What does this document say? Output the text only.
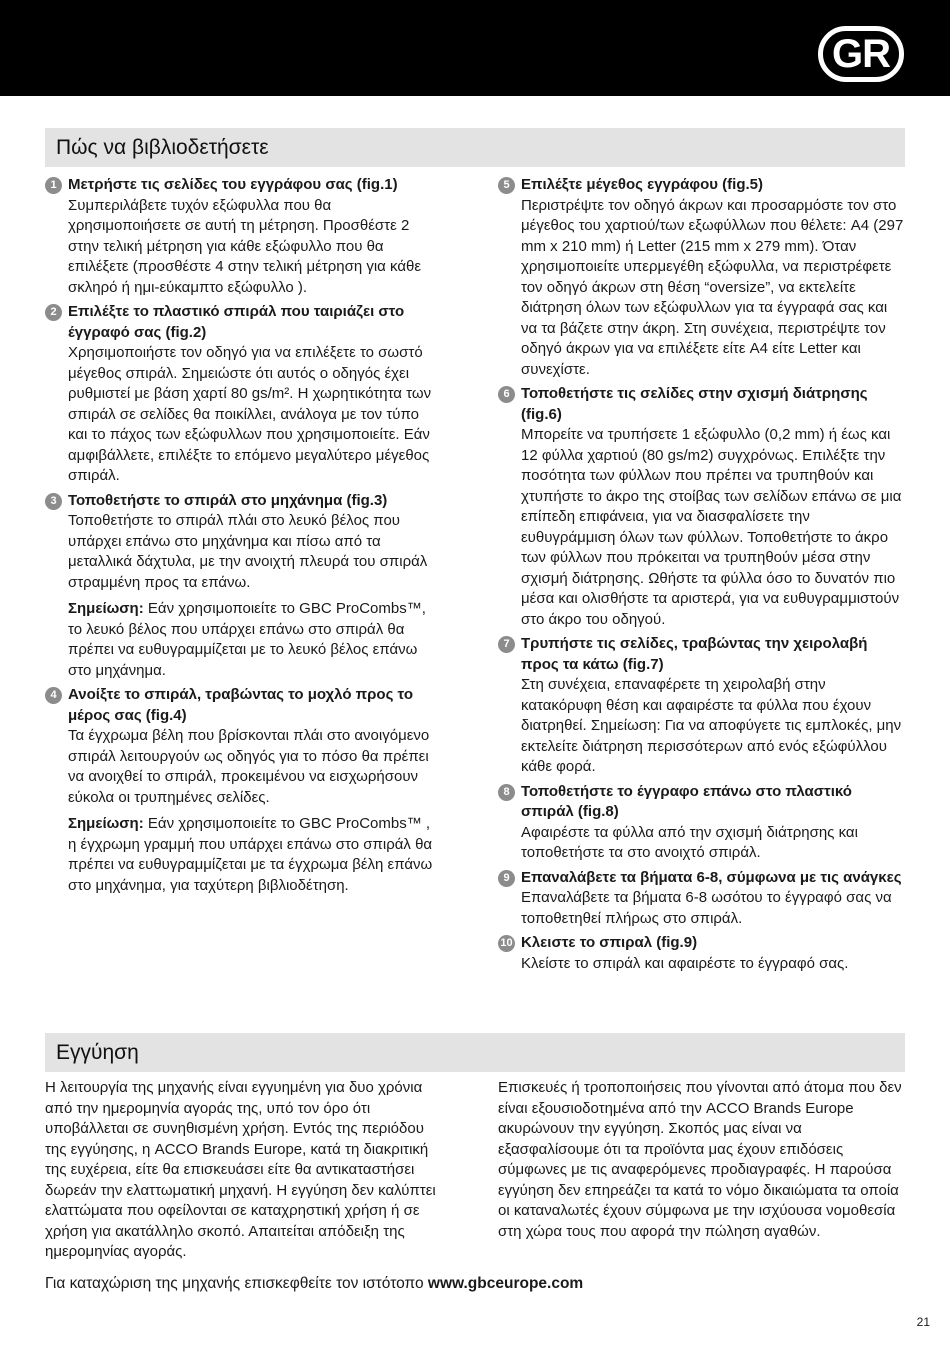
GR
Πώς να βιβλιοδετήσετε
1 Μετρήστε τις σελίδες του εγγράφου σας (fig.1)
Συμπεριλάβετε τυχόν εξώφυλλα που θα χρησιμοποιήσετε σε αυτή τη μέτρηση. Προσθέστε 2 στην τελική μέτρηση για κάθε εξώφυλλο που θα επιλέξετε (προσθέστε 4 στην τελική μέτρηση για κάθε σκληρό ή ημι-εύκαμπτο εξώφυλλο ).
2 Επιλέξτε το πλαστικό σπιράλ που ταιριάζει στο έγγραφό σας (fig.2)
Χρησιμοποιήστε τον οδηγό για να επιλέξετε το σωστό μέγεθος σπιράλ. Σημειώστε ότι αυτός ο οδηγός έχει ρυθμιστεί με βάση χαρτί 80 gs/m². Η χωρητικότητα των σπιράλ σε σελίδες θα ποικίλλει, ανάλογα με τον τύπο και το πάχος των εξώφυλλων που χρησιμοποιείτε. Εάν αμφιβάλλετε, επιλέξτε το επόμενο μεγαλύτερο μέγεθος σπιράλ.
3 Τοποθετήστε το σπιράλ στο μηχάνημα (fig.3)
Τοποθετήστε το σπιράλ πλάι στο λευκό βέλος που υπάρχει επάνω στο μηχάνημα και πίσω από τα μεταλλικά δάχτυλα, με την ανοιχτή πλευρά του σπιράλ στραμμένη προς τα επάνω.
Σημείωση: Εάν χρησιμοποιείτε το GBC ProCombs™, το λευκό βέλος που υπάρχει επάνω στο σπιράλ θα πρέπει να ευθυγραμμίζεται με το λευκό βέλος επάνω στο μηχάνημα.
4 Ανοίξτε το σπιράλ, τραβώντας το μοχλό προς το μέρος σας (fig.4)
Τα έγχρωμα βέλη που βρίσκονται πλάι στο ανοιγόμενο σπιράλ λειτουργούν ως οδηγός για το πόσο θα πρέπει να ανοιχθεί το σπιράλ, προκειμένου να εισχωρήσουν εύκολα οι τρυπημένες σελίδες.
Σημείωση: Εάν χρησιμοποιείτε το GBC ProCombs™ , η έγχρωμη γραμμή που υπάρχει επάνω στο σπιράλ θα πρέπει να ευθυγραμμίζεται με τα έγχρωμα βέλη επάνω στο μηχάνημα, για ταχύτερη βιβλιοδέτηση.
5 Επιλέξτε μέγεθος εγγράφου (fig.5)
Περιστρέψτε τον οδηγό άκρων και προσαρμόστε τον στο μέγεθος του χαρτιού/των εξωφύλλων που θέλετε: A4 (297 mm x 210 mm) ή Letter (215 mm x 279 mm). Όταν χρησιμοποιείτε υπερμεγέθη εξώφυλλα, να περιστρέφετε τον οδηγό άκρων στη θέση “oversize”, να εκτελείτε διάτρηση όλων των εξώφυλλων για τα έγγραφά σας και να τα βάζετε στην άκρη. Στη συνέχεια, περιστρέψτε τον οδηγό άκρων για να επιλέξετε είτε A4 είτε Letter και συνεχίστε.
6 Τοποθετήστε τις σελίδες στην σχισμή διάτρησης (fig.6)
Μπορείτε να τρυπήσετε 1 εξώφυλλο (0,2 mm) ή έως και 12 φύλλα χαρτιού (80 gs/m2) συγχρόνως. Επιλέξτε την ποσότητα των φύλλων που πρέπει να τρυπηθούν και χτυπήστε το άκρο της στοίβας των σελίδων επάνω σε μια επίπεδη επιφάνεια, για να διασφαλίσετε την ευθυγράμμιση όλων των φύλλων. Τοποθετήστε το άκρο των φύλλων που πρόκειται να τρυπηθούν μέσα στην σχισμή διάτρησης. Ωθήστε τα φύλλα όσο το δυνατόν πιο μέσα και ολισθήστε τα αριστερά, για να ευθυγραμμιστούν στο άκρο του οδηγού.
7 Τρυπήστε τις σελίδες, τραβώντας την χειρολαβή προς τα κάτω (fig.7)
Στη συνέχεια, επαναφέρετε τη χειρολαβή στην κατακόρυφη θέση και αφαιρέστε τα φύλλα που έχουν διατρηθεί. Σημείωση: Για να αποφύγετε τις εμπλοκές, μην εκτελείτε διάτρηση περισσότερων από ενός εξώφύλλου κάθε φορά.
8 Τοποθετήστε το έγγραφο επάνω στο πλαστικό σπιράλ (fig.8)
Αφαιρέστε τα φύλλα από την σχισμή διάτρησης και τοποθετήστε τα στο ανοιχτό σπιράλ.
9 Επαναλάβετε τα βήματα 6-8, σύμφωνα με τις ανάγκες
Επαναλάβετε τα βήματα 6-8 ωσότου το έγγραφό σας να τοποθετηθεί πλήρως στο σπιράλ.
10 Κλειστε το σπιραλ (fig.9)
Κλείστε το σπιράλ και αφαιρέστε το έγγραφό σας.
Εγγύηση
Η λειτουργία της μηχανής είναι εγγυημένη για δυο χρόνια από την ημερομηνία αγοράς της, υπό τον όρο ότι υποβάλλεται σε συνηθισμένη χρήση. Εντός της περιόδου της εγγύησης, η ACCO Brands Europe, κατά τη διακριτική της ευχέρεια, είτε θα επισκευάσει είτε θα αντικαταστήσει δωρεάν την ελαττωματική μηχανή. Η εγγύηση δεν καλύπτει ελαττώματα που οφείλονται σε καταχρηστική χρήση ή σε χρήση για ακατάλληλο σκοπό. Απαιτείται απόδειξη της ημερομηνίας αγοράς.
Επισκευές ή τροποποιήσεις που γίνονται από άτομα που δεν είναι εξουσιοδοτημένα από την ACCO Brands Europe ακυρώνουν την εγγύηση. Σκοπός μας είναι να εξασφαλίσουμε ότι τα προϊόντα μας έχουν επιδόσεις σύμφωνες με τις αναφερόμενες προδιαγραφές. Η παρούσα εγγύηση δεν επηρεάζει τα κατά το νόμο δικαιώματα τα οποία οι καταναλωτές έχουν σύμφωνα με την ισχύουσα νομοθεσία στη χώρα τους που αφορά την πώληση αγαθών.
Για καταχώριση της μηχανής επισκεφθείτε τον ιστότοπο www.gbceurope.com
21
